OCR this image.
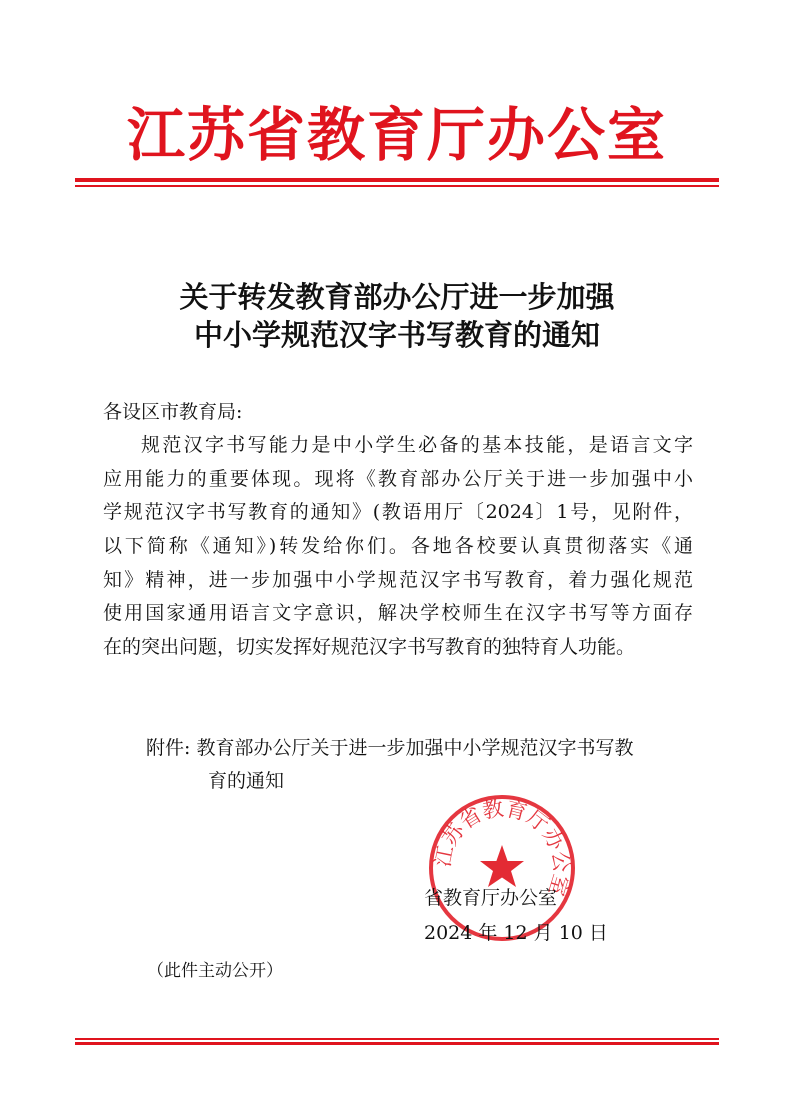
江苏省教育厅办公室
关于转发教育部办公厅进一步加强
中小学规范汉字书写教育的通知
各设区市教育局:
规范汉字书写能力是中小学生必备的基本技能，是语言文字
应用能力的重要体现。现将《教育部办公厅关于进一步加强中小
学规范汉字书写教育的通知》(教语用厅〔2024〕1号，见附件，
以下简称《通知》)转发给你们。各地各校要认真贯彻落实《通
知》精神，进一步加强中小学规范汉字书写教育，着力强化规范
使用国家通用语言文字意识，解决学校师生在汉字书写等方面存
在的突出问题，切实发挥好规范汉字书写教育的独特育人功能。
附件: 教育部办公厅关于进一步加强中小学规范汉字书写教
育的通知
江苏省教育厅办公室
省教育厅办公室
2024 年 12 月 10 日
（此件主动公开）
